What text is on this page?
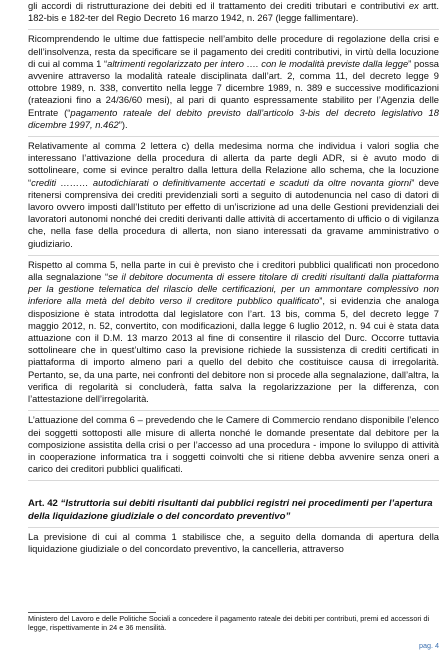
gli accordi di ristrutturazione dei debiti ed il trattamento dei crediti tributari e contributivi ex artt. 182-bis e 182-ter del Regio Decreto 16 marzo 1942, n. 267 (legge fallimentare).

Ricomprendendo le ultime due fattispecie nell’ambito delle procedure di regolazione della crisi e dell’insolvenza, resta da specificare se il pagamento dei crediti contributivi, in virtù della locuzione di cui al comma 1 “altrimenti regolarizzato per intero …. con le modalità previste dalla legge” possa avvenire attraverso la modalità rateale disciplinata dall’art. 2, comma 11, del decreto legge 9 ottobre 1989, n. 338, convertito nella legge 7 dicembre 1989, n. 389 e successive modificazioni (rateazioni fino a 24/36/60 mesi), al pari di quanto espressamente stabilito per l’Agenzia delle Entrate (“pagamento rateale del debito previsto dall’articolo 3-bis del decreto legislativo 18 dicembre 1997, n.462”).

Relativamente al comma 2 lettera c) della medesima norma che individua i valori soglia che interessano l’attivazione della procedura di allerta da parte degli ADR, si è avuto modo di sottolineare, come si evince peraltro dalla lettura della Relazione allo schema, che la locuzione “crediti ……… autodichiarati o definitivamente accertati e scaduti da oltre novanta giorni” deve ritenersi comprensiva dei crediti previdenziali sorti a seguito di autodenuncia nel caso di datori di lavoro ovvero imposti dall’Istituto per effetto di un’iscrizione ad una delle Gestioni previdenziali dei lavoratori autonomi nonché dei crediti derivanti dalle attività di accertamento di ufficio o di vigilanza che, nella fase della procedura di allerta, non siano interessati da gravame amministrativo o giudiziario.

Rispetto al comma 5, nella parte in cui è previsto che i creditori pubblici qualificati non procedono alla segnalazione “se il debitore documenta di essere titolare di crediti risultanti dalla piattaforma per la gestione telematica del rilascio delle certificazioni, per un ammontare complessivo non inferiore alla metà del debito verso il creditore pubblico qualificato”, si evidenzia che analoga disposizione è stata introdotta dal legislatore con l’art. 13 bis, comma 5, del decreto legge 7 maggio 2012, n. 52, convertito, con modificazioni, dalla legge 6 luglio 2012, n. 94 cui è stata data attuazione con il D.M. 13 marzo 2013 al fine di consentire il rilascio del Durc. Occorre tuttavia sottolineare che in quest’ultimo caso la previsione richiede la sussistenza di crediti certificati in piattaforma di importo almeno pari a quello del debito che costituisce causa di irregolarità. Pertanto, se, da una parte, nei confronti del debitore non si procede alla segnalazione, dall’altra, la verifica di regolarità si concluderà, fatta salva la regolarizzazione per la differenza, con l’attestazione dell’irregolarità.

L’attuazione del comma 6 – prevedendo che le Camere di Commercio rendano disponibile l’elenco dei soggetti sottoposti alle misure di allerta nonché le domande presentate dal debitore per la composizione assistita della crisi o per l’accesso ad una procedura - impone lo sviluppo di attività in cooperazione informatica tra i soggetti coinvolti che si ritiene debba avvenire senza oneri a carico dei creditori pubblici qualificati.

Art. 42 “Istruttoria sui debiti risultanti dai pubblici registri nei procedimenti per l’apertura della liquidazione giudiziale o del concordato preventivo”

La previsione di cui al comma 1 stabilisce che, a seguito della domanda di apertura della liquidazione giudiziale o del concordato preventivo, la cancelleria, attraverso

Ministero del Lavoro e delle Politiche Sociali a concedere il pagamento rateale dei debiti per contributi, premi ed accessori di legge, rispettivamente in 24 e 36 mensilità.

pag. 4
